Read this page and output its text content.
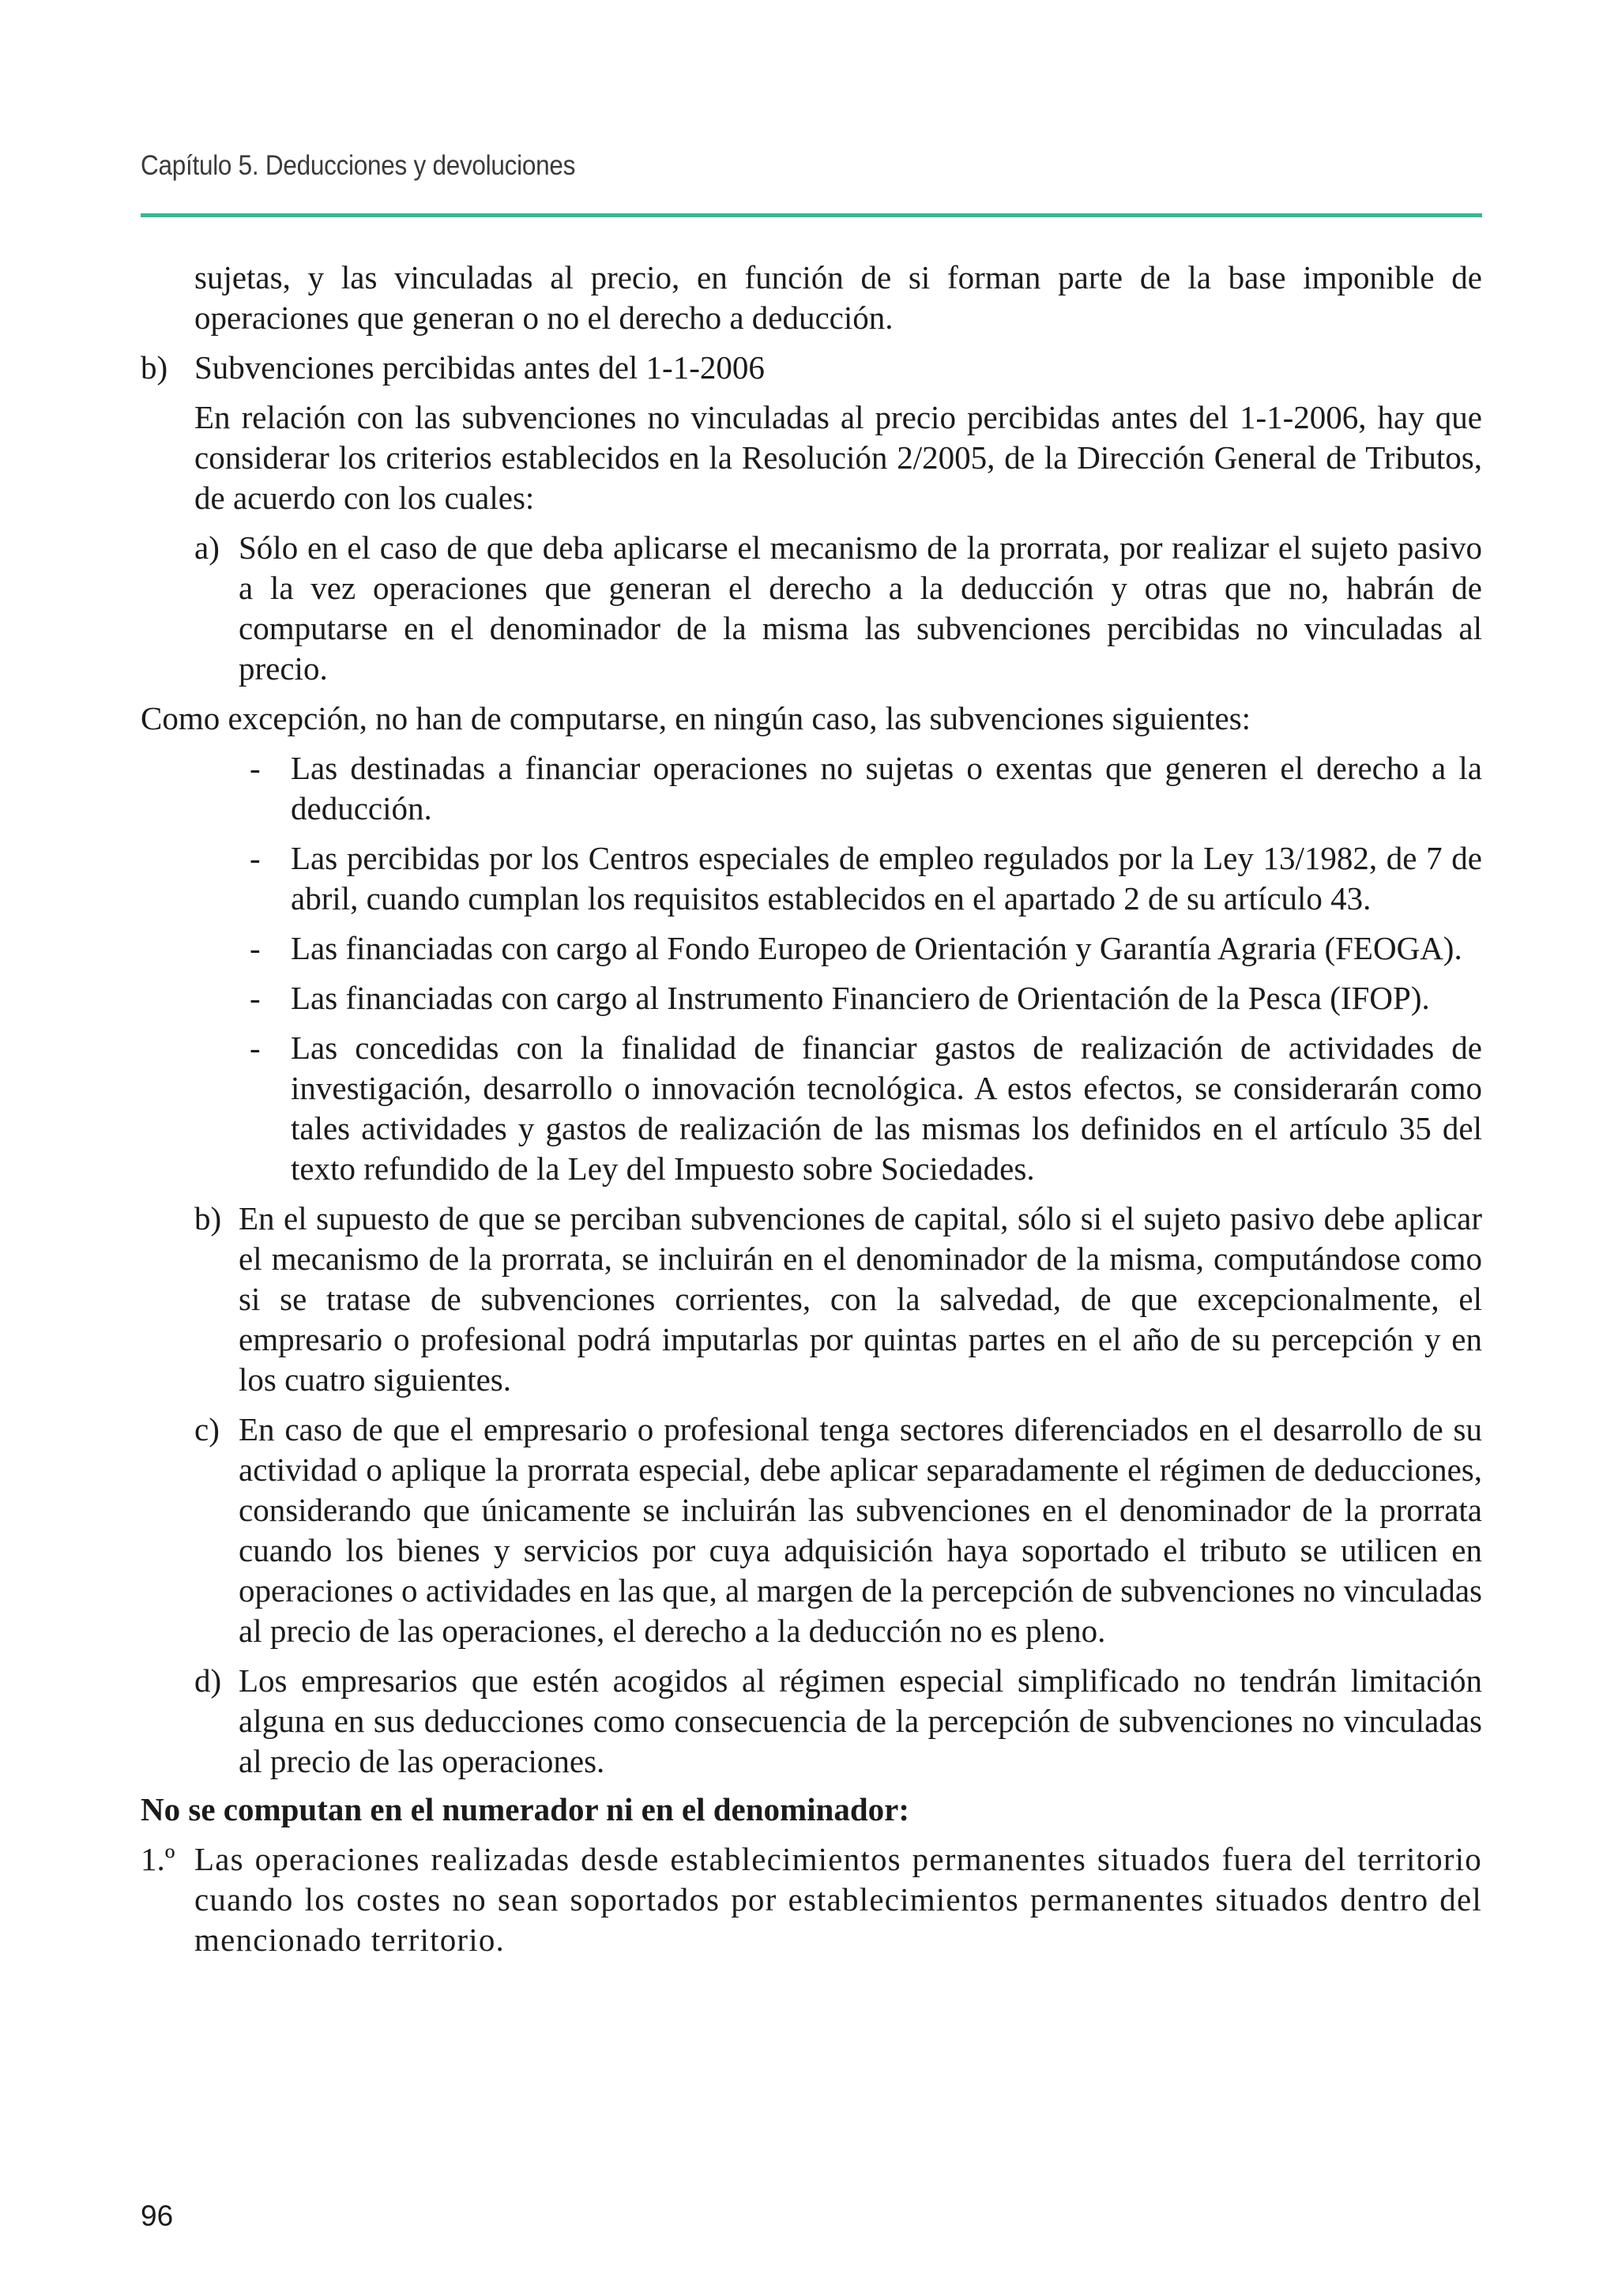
Capítulo 5. Deducciones y devoluciones

sujetas, y las vinculadas al precio, en función de si forman parte de la base imponible de operaciones que generan o no el derecho a deducción.

b) Subvenciones percibidas antes del 1-1-2006

En relación con las subvenciones no vinculadas al precio percibidas antes del 1-1-2006, hay que considerar los criterios establecidos en la Resolución 2/2005, de la Dirección General de Tributos, de acuerdo con los cuales:

a) Sólo en el caso de que deba aplicarse el mecanismo de la prorrata, por realizar el sujeto pasivo a la vez operaciones que generan el derecho a la deducción y otras que no, habrán de computarse en el denominador de la misma las subvenciones percibidas no vinculadas al precio.

Como excepción, no han de computarse, en ningún caso, las subvenciones siguientes:

- Las destinadas a financiar operaciones no sujetas o exentas que generen el derecho a la deducción.
- Las percibidas por los Centros especiales de empleo regulados por la Ley 13/1982, de 7 de abril, cuando cumplan los requisitos establecidos en el apartado 2 de su artículo 43.
- Las financiadas con cargo al Fondo Europeo de Orientación y Garantía Agraria (FEOGA).
- Las financiadas con cargo al Instrumento Financiero de Orientación de la Pesca (IFOP).
- Las concedidas con la finalidad de financiar gastos de realización de actividades de investigación, desarrollo o innovación tecnológica. A estos efectos, se considerarán como tales actividades y gastos de realización de las mismas los definidos en el artículo 35 del texto refundido de la Ley del Impuesto sobre Sociedades.
b) En el supuesto de que se perciban subvenciones de capital, sólo si el sujeto pasivo debe aplicar el mecanismo de la prorrata, se incluirán en el denominador de la misma, computándose como si se tratase de subvenciones corrientes, con la salvedad, de que excepcionalmente, el empresario o profesional podrá imputarlas por quintas partes en el año de su percepción y en los cuatro siguientes.
c) En caso de que el empresario o profesional tenga sectores diferenciados en el desarrollo de su actividad o aplique la prorrata especial, debe aplicar separadamente el régimen de deducciones, considerando que únicamente se incluirán las subvenciones en el denominador de la prorrata cuando los bienes y servicios por cuya adquisición haya soportado el tributo se utilicen en operaciones o actividades en las que, al margen de la percepción de subvenciones no vinculadas al precio de las operaciones, el derecho a la deducción no es pleno.
d) Los empresarios que estén acogidos al régimen especial simplificado no tendrán limitación alguna en sus deducciones como consecuencia de la percepción de subvenciones no vinculadas al precio de las operaciones.

No se computan en el numerador ni en el denominador:

1.º Las operaciones realizadas desde establecimientos permanentes situados fuera del territorio cuando los costes no sean soportados por establecimientos permanentes situados dentro del mencionado territorio.
96
